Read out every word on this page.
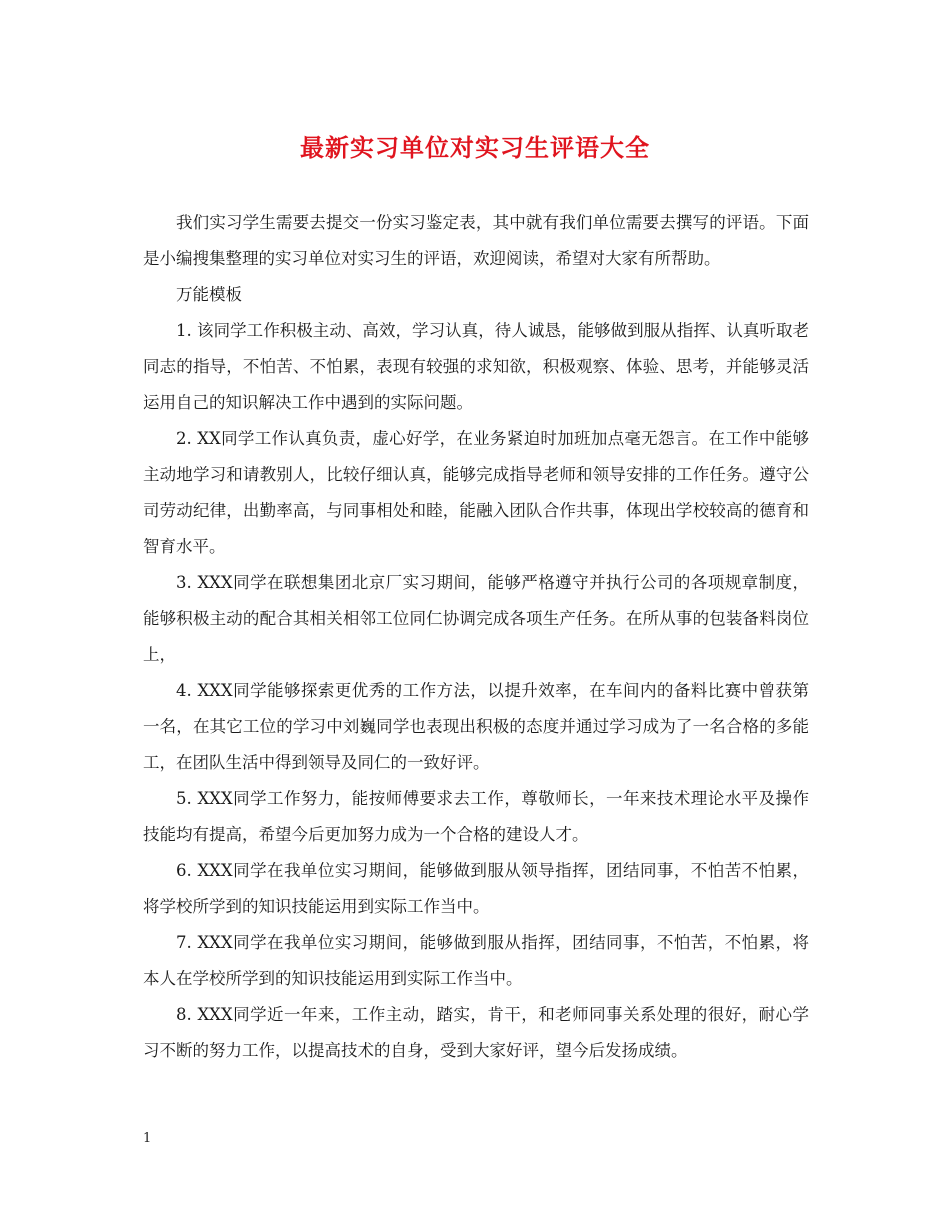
最新实习单位对实习生评语大全

我们实习学生需要去提交一份实习鉴定表，其中就有我们单位需要去撰写的评语。下面是小编搜集整理的实习单位对实习生的评语，欢迎阅读，希望对大家有所帮助。

万能模板

1. 该同学工作积极主动、高效，学习认真，待人诚恳，能够做到服从指挥、认真听取老同志的指导，不怕苦、不怕累，表现有较强的求知欲，积极观察、体验、思考，并能够灵活运用自己的知识解决工作中遇到的实际问题。

2. XX同学工作认真负责，虚心好学，在业务紧迫时加班加点毫无怨言。在工作中能够主动地学习和请教别人，比较仔细认真，能够完成指导老师和领导安排的工作任务。遵守公司劳动纪律，出勤率高，与同事相处和睦，能融入团队合作共事，体现出学校较高的德育和智育水平。

3. XXX同学在联想集团北京厂实习期间，能够严格遵守并执行公司的各项规章制度，能够积极主动的配合其相关相邻工位同仁协调完成各项生产任务。在所从事的包装备料岗位上，

4. XXX同学能够探索更优秀的工作方法，以提升效率，在车间内的备料比赛中曾获第一名，在其它工位的学习中刘巍同学也表现出积极的态度并通过学习成为了一名合格的多能工，在团队生活中得到领导及同仁的一致好评。

5. XXX同学工作努力，能按师傅要求去工作，尊敬师长，一年来技术理论水平及操作技能均有提高，希望今后更加努力成为一个合格的建设人才。

6. XXX同学在我单位实习期间，能够做到服从领导指挥，团结同事，不怕苦不怕累，将学校所学到的知识技能运用到实际工作当中。

7. XXX同学在我单位实习期间，能够做到服从指挥，团结同事，不怕苦，不怕累，将本人在学校所学到的知识技能运用到实际工作当中。

8. XXX同学近一年来，工作主动，踏实，肯干，和老师同事关系处理的很好，耐心学习不断的努力工作，以提高技术的自身，受到大家好评，望今后发扬成绩。

1
